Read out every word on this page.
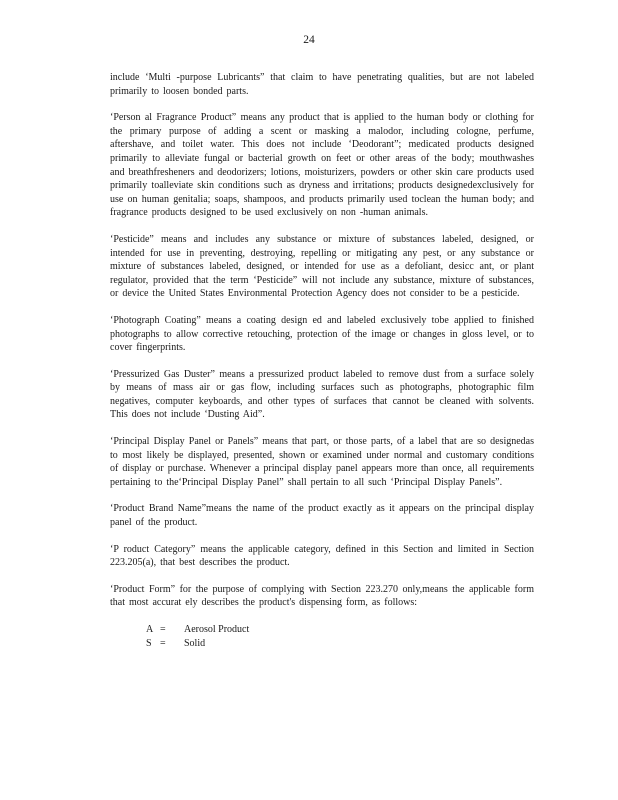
24

include ‘Multi -purpose Lubricants” that claim to have penetrating qualities, but are not labeled primarily to loosen bonded parts.

‘Person al Fragrance Product” means any product that is applied to the human body or clothing for the primary purpose of adding a scent or masking a malodor, including cologne, perfume, aftershave, and toilet water. This does not include ‘Deodorant”; medicated products designed primarily to alleviate fungal or bacterial growth on feet or other areas of the body; mouthwashes and breathfresheners and deodorizers; lotions, moisturizers, powders or other skin care products used primarily toalleviate skin conditions such as dryness and irritations; products designedexclusively for use on human genitalia; soaps, shampoos, and products primarily used toclean the human body; and fragrance products designed to be used exclusively on non -human animals.

‘Pesticide” means and includes any substance or mixture of substances labeled, designed, or intended for use in preventing, destroying, repelling or mitigating any pest, or any substance or mixture of substances labeled, designed, or intended for use as a defoliant, desicc ant, or plant regulator, provided that the term ‘Pesticide” will not include any substance, mixture of substances, or device the United States Environmental Protection Agency does not consider to be a pesticide.

‘Photograph Coating” means a coating design ed and labeled exclusively tobe applied to finished photographs to allow corrective retouching, protection of the image or changes in gloss level, or to cover fingerprints.

‘Pressurized Gas Duster” means a pressurized product labeled to remove dust from a surface solely by means of mass air or gas flow, including surfaces such as photographs, photographic film negatives, computer keyboards, and other types of surfaces that cannot be cleaned with solvents. This does not include ‘Dusting Aid”.

‘Principal Display Panel or Panels” means that part, or those parts, of a label that are so designedas to most likely be displayed, presented, shown or examined under normal and customary conditions of display or purchase. Whenever a principal display panel appears more than once, all requirements pertaining to the‘Principal Display Panel” shall pertain to all such ‘Principal Display Panels”.

‘Product Brand Name”means the name of the product exactly as it appears on the principal display panel of the product.

‘P roduct Category” means the applicable category, defined in this Section and limited in Section 223.205(a), that best describes the product.

‘Product Form” for the purpose of complying with Section 223.270 only,means the applicable form that most accurat ely describes the product's dispensing form, as follows:

A =	Aerosol Product
S =	Solid
